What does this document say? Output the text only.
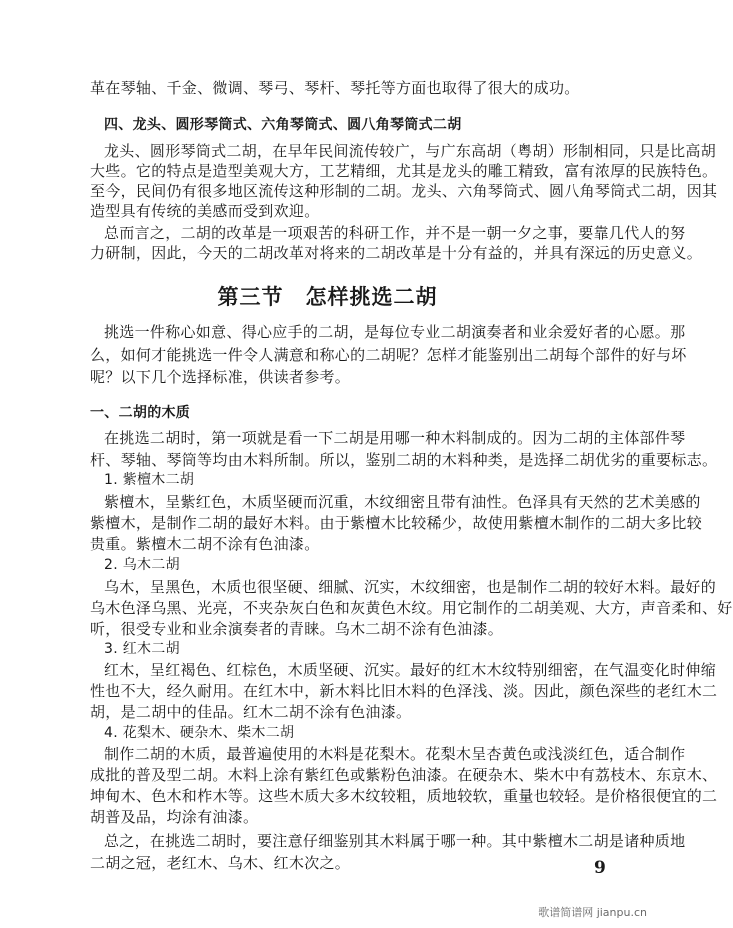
革在琴轴、千金、微调、琴弓、琴杆、琴托等方面也取得了很大的成功。
四、龙头、圆形琴筒式、六角琴筒式、圆八角琴筒式二胡
龙头、圆形琴筒式二胡，在早年民间流传较广，与广东高胡（粤胡）形制相同，只是比高胡
大些。它的特点是造型美观大方，工艺精细，尤其是龙头的雕工精致，富有浓厚的民族特色。
至今，民间仍有很多地区流传这种形制的二胡。龙头、六角琴筒式、圆八角琴筒式二胡，因其
造型具有传统的美感而受到欢迎。
总而言之，二胡的改革是一项艰苦的科研工作，并不是一朝一夕之事，要靠几代人的努
力研制，因此，今天的二胡改革对将来的二胡改革是十分有益的，并具有深远的历史意义。
第三节　怎样挑选二胡
挑选一件称心如意、得心应手的二胡，是每位专业二胡演奏者和业余爱好者的心愿。那
么，如何才能挑选一件令人满意和称心的二胡呢？怎样才能鉴别出二胡每个部件的好与坏
呢？以下几个选择标准，供读者参考。
一、二胡的木质
在挑选二胡时，第一项就是看一下二胡是用哪一种木料制成的。因为二胡的主体部件琴
杆、琴轴、琴筒等均由木料所制。所以，鉴别二胡的木料种类，是选择二胡优劣的重要标志。
1. 紫檀木二胡
紫檀木，呈紫红色，木质坚硬而沉重，木纹细密且带有油性。色泽具有天然的艺术美感的
紫檀木，是制作二胡的最好木料。由于紫檀木比较稀少，故使用紫檀木制作的二胡大多比较
贵重。紫檀木二胡不涂有色油漆。
2. 乌木二胡
乌木，呈黑色，木质也很坚硬、细腻、沉实，木纹细密，也是制作二胡的较好木料。最好的
乌木色泽乌黑、光亮，不夹杂灰白色和灰黄色木纹。用它制作的二胡美观、大方，声音柔和、好
听，很受专业和业余演奏者的青睐。乌木二胡不涂有色油漆。
3. 红木二胡
红木，呈红褐色、红棕色，木质坚硬、沉实。最好的红木木纹特别细密，在气温变化时伸缩
性也不大，经久耐用。在红木中，新木料比旧木料的色泽浅、淡。因此，颜色深些的老红木二
胡，是二胡中的佳品。红木二胡不涂有色油漆。
4. 花梨木、硬杂木、柴木二胡
制作二胡的木质，最普遍使用的木料是花梨木。花梨木呈杏黄色或浅淡红色，适合制作
成批的普及型二胡。木料上涂有紫红色或紫粉色油漆。在硬杂木、柴木中有荔枝木、东京木、
坤甸木、色木和柞木等。这些木质大多木纹较粗，质地较软，重量也较轻。是价格很便宜的二
胡普及品，均涂有油漆。
总之，在挑选二胡时，要注意仔细鉴别其木料属于哪一种。其中紫檀木二胡是诸种质地
二胡之冠，老红木、乌木、红木次之。	9
歌谱简谱网 jianpu.cn
